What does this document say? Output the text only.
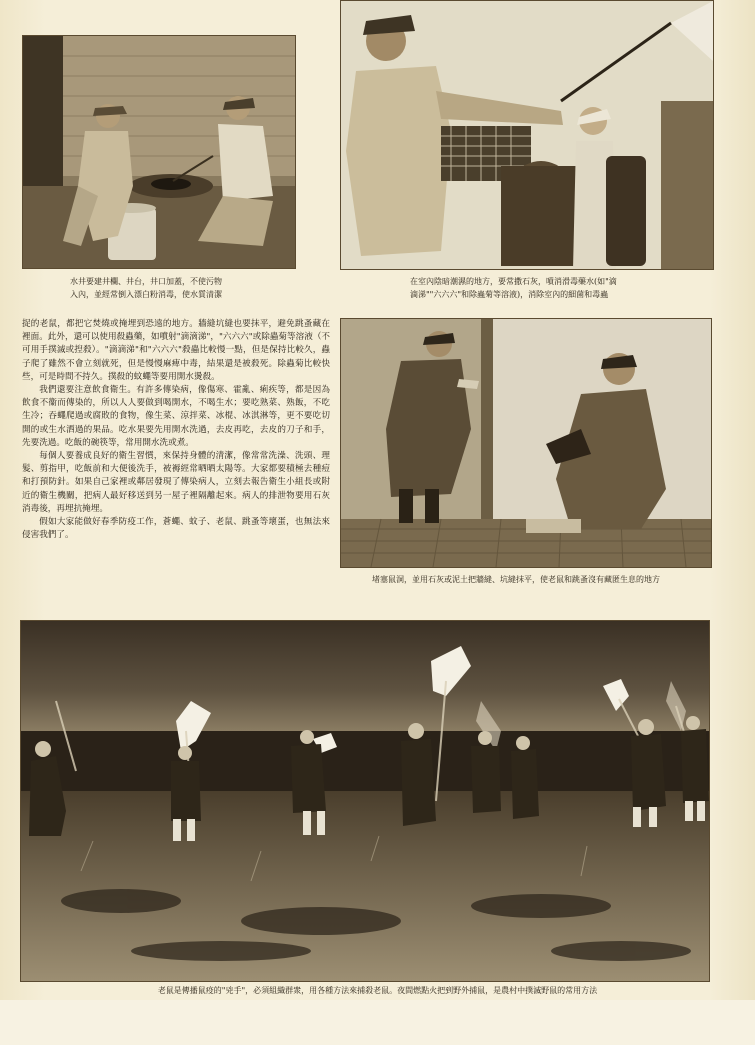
水井要建井欄、井台，井口加蓋，不使污物
入內，並經常倒入漂白粉消毒，使水質清潔
在室內陰暗潮濕的地方，要常撒石灰，噴消滑毒藥水(如"滴
滴涕""六六六"和除蟲菊等溶液)，消除室內的細菌和毒蟲

捉的老鼠，都把它焚燒或掩埋到恐遠的地方。牆縫坑縫也要抹平，避免跳蚤藏在裡面。此外，還可以使用殺蟲藥，如噴射"滴滴涕"，"六六六"或除蟲菊等溶液（不可用手撲滅或揑殺）。"滴滴涕"和"六六六"殺蟲比較慢一點，但是保持比較久，蟲子爬了雖然不會立刻就死，但是慢慢麻痺中毒，結果還是被殺死。除蟲菊比較快些，可是時間不持久。撲殺的蚊蠅等要用開水燙殺。

我們還要注意飲食衛生。有許多傳染病，像傷寒、霍亂、痢疾等，都是因為飲食不衞而傳染的，所以人人要做到喝開水，不喝生水；要吃熟菜、熟飯，不吃生冷；吞蠅爬過或腐敗的食物，像生菜、涼拌菜、冰棍、冰淇淋等，更不要吃切開的或生水洒過的果品。吃水果要先用開水洗過，去皮再吃，去皮的刀子和手，先要洗過。吃飯的碗筷等，常用開水洗或煮。

每個人要養成良好的衛生習慣，來保持身體的清潔，像常常洗澡、洗頭、理髮、剪指甲，吃飯前和大便後洗手，被褥經常晒晒太陽等。大家都要積極去種痘和打預防針。如果自己家裡或鄰居發現了傳染病人，立刻去報告衛生小組長或附近的衛生機關，把病人最好移送到另一屋子裡隔離起來。病人的排泄物要用石灰消毒後，再埋抗掩埋。

假如大家能做好春季防疫工作，蒼蠅、蚊子、老鼠、跳蚤等壞蛋，也無法來侵害我們了。

堵塞鼠洞，並用石灰或泥土把牆縫、坑縫抹平，使老鼠和跳蚤沒有藏匿生息的地方
老鼠是傳播鼠疫的"兇手"，必須組織群衆，用各種方法來捕殺老鼠。夜間燃點火把到野外捕鼠，是農村中撲滅野鼠的常用方法
